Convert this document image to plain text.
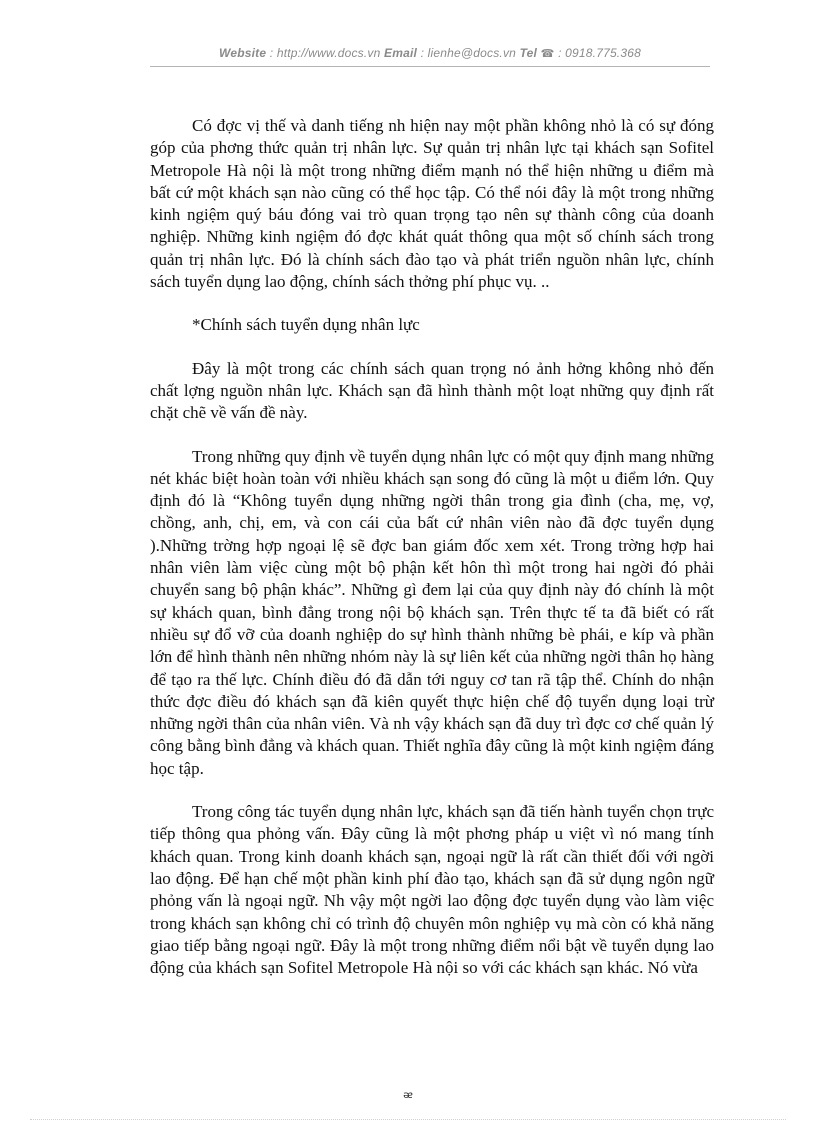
Website : http://www.docs.vn Email : lienhe@docs.vn Tel ☎ : 0918.775.368

Có đợc vị thế và danh tiếng nh hiện nay một phần không nhỏ là có sự đóng góp của phơng thức quản trị nhân lực. Sự quản trị nhân lực tại khách sạn Sofitel Metropole Hà nội là một trong những điểm mạnh nó thể hiện những u điểm mà bất cứ một khách sạn nào cũng có thể học tập. Có thể nói đây là một trong những kinh ngiệm quý báu đóng vai trò quan trọng tạo nên sự thành công của doanh nghiệp. Những kinh ngiệm đó đợc khát quát thông qua một số chính sách trong quản trị nhân lực. Đó là chính sách đào tạo và phát triển nguồn nhân lực, chính sách tuyển dụng lao động, chính sách thởng phí phục vụ. ..

*Chính sách tuyển dụng nhân lực

Đây là một trong các chính sách quan trọng nó ảnh hởng không nhỏ đến chất lợng nguồn nhân lực. Khách sạn đã hình thành một loạt những quy định rất chặt chẽ về vấn đề này.

Trong những quy định về tuyển dụng nhân lực có một quy định mang những nét khác biệt hoàn toàn với nhiều khách sạn song đó cũng là một u điểm lớn. Quy định đó là “Không tuyển dụng những ngời thân trong gia đình (cha, mẹ, vợ, chồng, anh, chị, em, và con cái của bất cứ nhân viên nào đã đợc tuyển dụng ).Những trờng hợp ngoại lệ sẽ đợc ban giám đốc xem xét. Trong trờng hợp hai nhân viên làm việc cùng một bộ phận kết hôn thì một trong hai ngời đó phải chuyển sang bộ phận khác”. Những gì đem lại của quy định này đó chính là một sự khách quan, bình đẳng trong nội bộ khách sạn. Trên thực tế ta đã biết có rất nhiều sự đổ vỡ của doanh nghiệp do sự hình thành những bè phái, e kíp và phần lớn để hình thành nên những nhóm này là sự liên kết của những ngời thân họ hàng để tạo ra thế lực. Chính điều đó đã dẫn tới nguy cơ tan rã tập thể. Chính do nhận thức đợc điều đó khách sạn đã kiên quyết thực hiện chế độ tuyển dụng loại trừ những ngời thân của nhân viên. Và nh vậy khách sạn đã duy trì đợc cơ chế quản lý công bằng bình đẳng và khách quan. Thiết nghĩa đây cũng là một kinh ngiệm đáng học tập.

Trong công tác tuyển dụng nhân lực, khách sạn đã tiến hành tuyển chọn trực tiếp thông qua phỏng vấn. Đây cũng là một phơng pháp u việt vì nó mang tính khách quan. Trong kinh doanh khách sạn, ngoại ngữ là rất cần thiết đối với ngời lao động. Để hạn chế một phần kinh phí đào tạo, khách sạn đã sử dụng ngôn ngữ phỏng vấn là ngoại ngữ. Nh vậy một ngời lao động đợc tuyển dụng vào làm việc trong khách sạn không chỉ có trình độ chuyên môn nghiệp vụ mà còn có khả năng giao tiếp bằng ngoại ngữ. Đây là một trong những điểm nổi bật về tuyển dụng lao động của khách sạn Sofitel Metropole Hà nội so với các khách sạn khác. Nó vừa

ᴂ
